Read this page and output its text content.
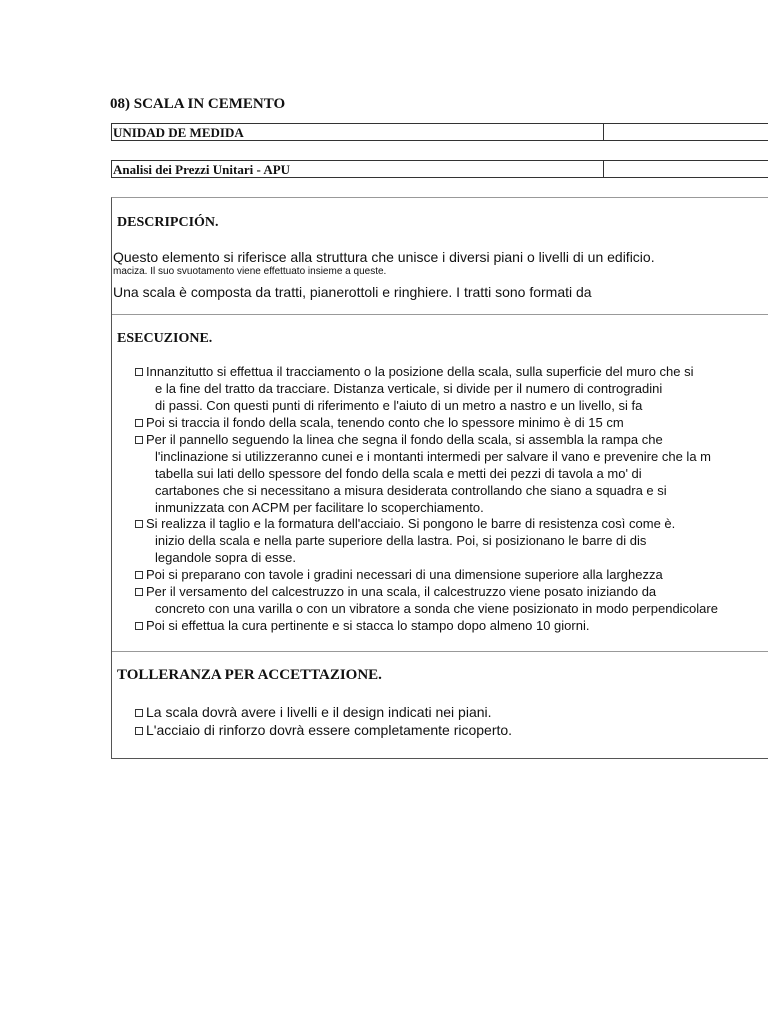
08) SCALA IN CEMENTO
UNIDAD DE MEDIDA
Analisi dei Prezzi Unitari - APU
DESCRIPCIÓN.
Questo elemento si riferisce alla struttura che unisce i diversi piani o livelli di un edificio.
maciza. Il suo svuotamento viene effettuato insieme a queste.
Una scala è composta da tratti, pianerottoli e ringhiere. I tratti sono formati da
ESECUZIONE.
Innanzitutto si effettua il tracciamento o la posizione della scala, sulla superficie del muro che si
e la fine del tratto da tracciare. Distanza verticale, si divide per il numero di controgradini
di passi. Con questi punti di riferimento e l'aiuto di un metro a nastro e un livello, si fa
Poi si traccia il fondo della scala, tenendo conto che lo spessore minimo è di 15 cm
Per il pannello seguendo la linea che segna il fondo della scala, si assembla la rampa che
l'inclinazione si utilizzeranno cunei e i montanti intermedi per salvare il vano e prevenire che la m
tabella sui lati dello spessore del fondo della scala e metti dei pezzi di tavola a mo' di
cartabones che si necessitano a misura desiderata controllando che siano a squadra e si
inmunizzata con ACPM per facilitare lo scoperchiamento.
Si realizza il taglio e la formatura dell'acciaio. Si pongono le barre di resistenza così come è.
inizio della scala e nella parte superiore della lastra. Poi, si posizionano le barre di dis
legandole sopra di esse.
Poi si preparano con tavole i gradini necessari di una dimensione superiore alla larghezza
Per il versamento del calcestruzzo in una scala, il calcestruzzo viene posato iniziando da
concreto con una varilla o con un vibratore a sonda che viene posizionato in modo perpendicolare
Poi si effettua la cura pertinente e si stacca lo stampo dopo almeno 10 giorni.
TOLLERANZA PER ACCETTAZIONE.
La scala dovrà avere i livelli e il design indicati nei piani.
L'acciaio di rinforzo dovrà essere completamente ricoperto.
